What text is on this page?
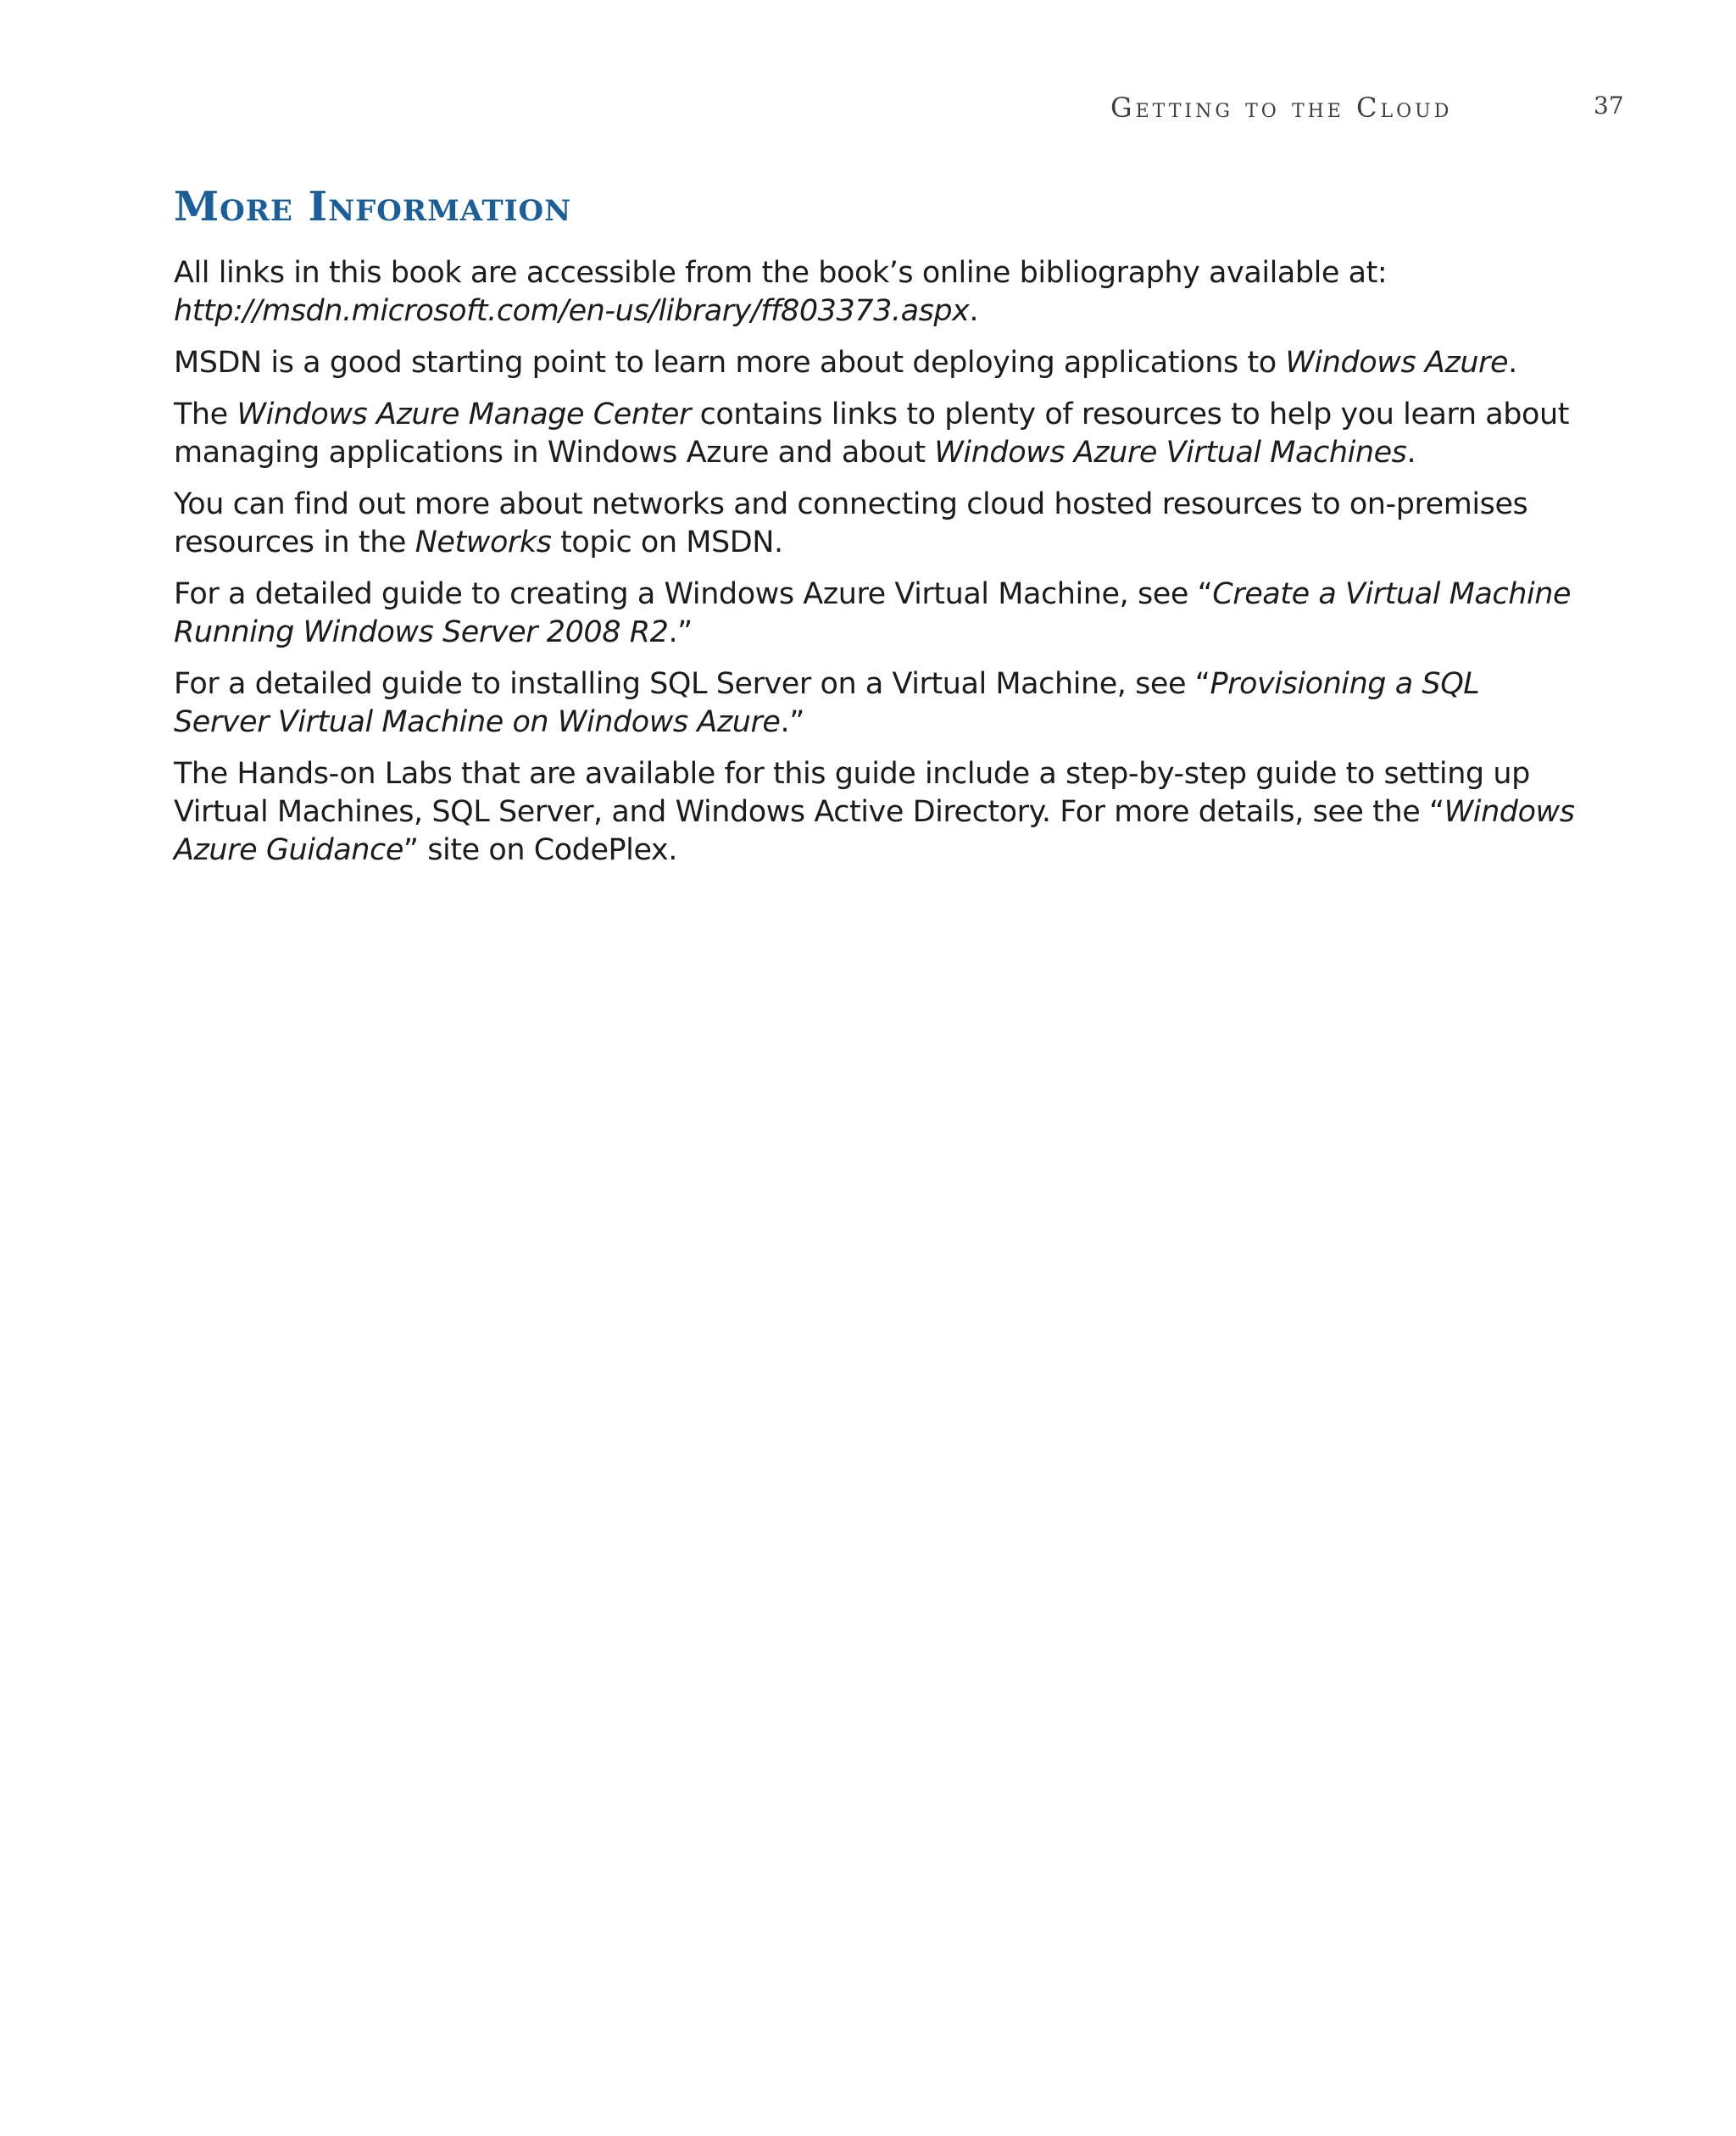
Getting to the Cloud	37
More Information

All links in this book are accessible from the book’s online bibliography available at:
http://msdn.microsoft.com/en-us/library/ff803373.aspx.

MSDN is a good starting point to learn more about deploying applications to Windows Azure.

The Windows Azure Manage Center contains links to plenty of resources to help you learn about managing applications in Windows Azure and about Windows Azure Virtual Machines.

You can find out more about networks and connecting cloud hosted resources to on-premises resources in the Networks topic on MSDN.

For a detailed guide to creating a Windows Azure Virtual Machine, see “Create a Virtual Machine Running Windows Server 2008 R2.”

For a detailed guide to installing SQL Server on a Virtual Machine, see “Provisioning a SQL Server Virtual Machine on Windows Azure.”

The Hands-on Labs that are available for this guide include a step-by-step guide to setting up Virtual Machines, SQL Server, and Windows Active Directory. For more details, see the “Windows Azure Guidance” site on CodePlex.
